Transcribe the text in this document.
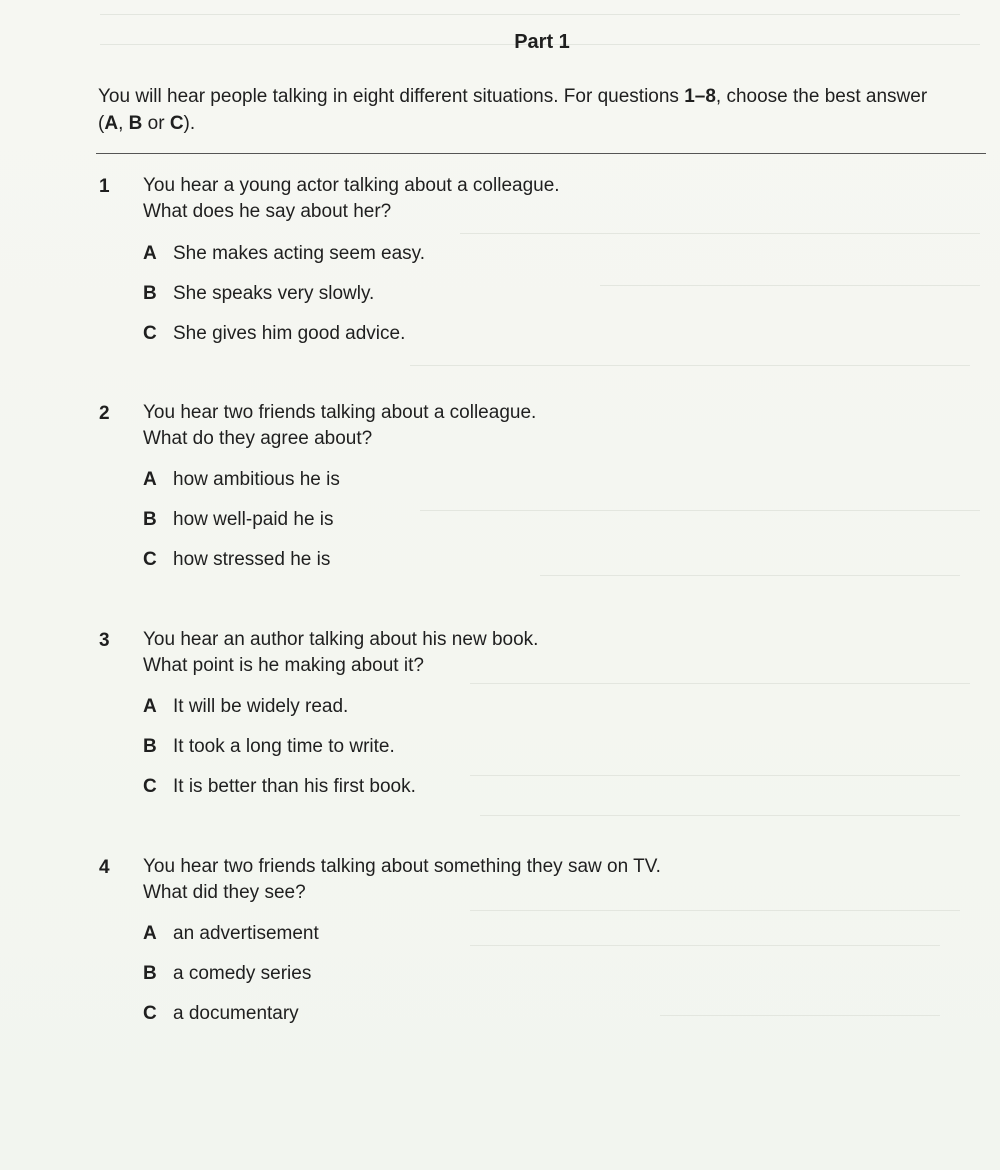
Part 1
You will hear people talking in eight different situations. For questions 1–8, choose the best answer
(A, B or C).
1 You hear a young actor talking about a colleague.
What does he say about her?
A She makes acting seem easy.
B She speaks very slowly.
C She gives him good advice.
2 You hear two friends talking about a colleague.
What do they agree about?
A how ambitious he is
B how well-paid he is
C how stressed he is
3 You hear an author talking about his new book.
What point is he making about it?
A It will be widely read.
B It took a long time to write.
C It is better than his first book.
4 You hear two friends talking about something they saw on TV.
What did they see?
A an advertisement
B a comedy series
C a documentary
